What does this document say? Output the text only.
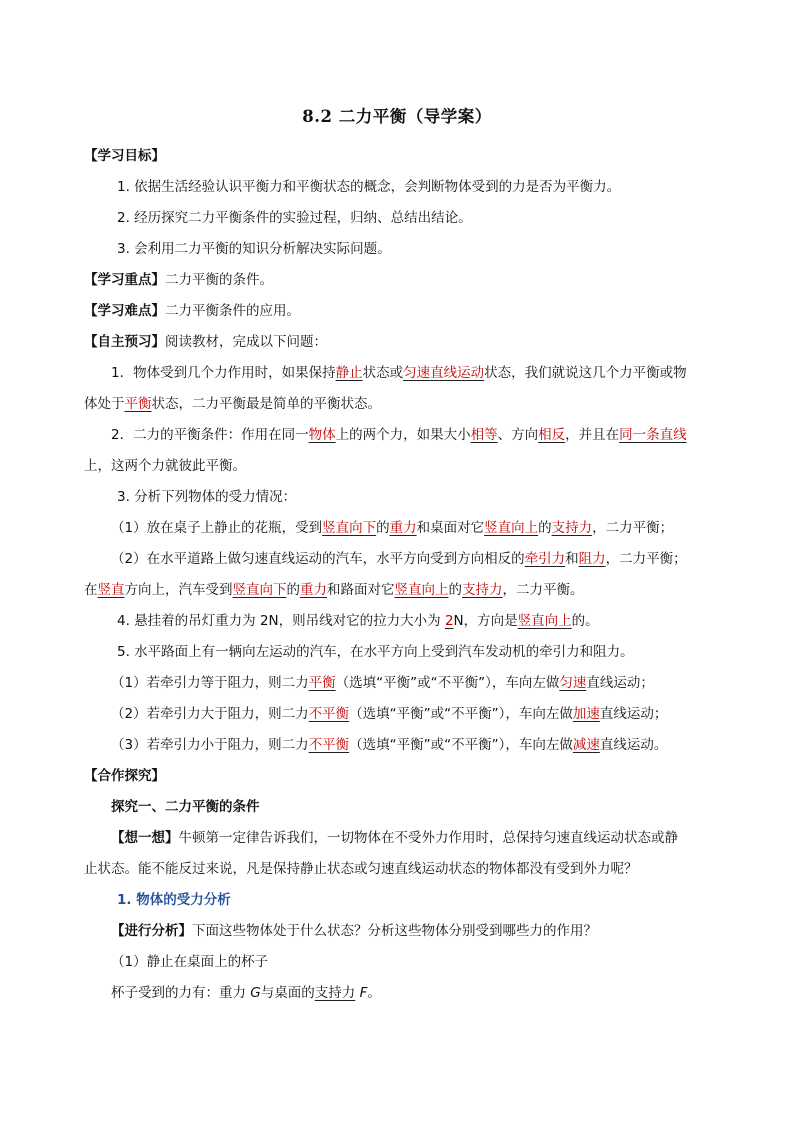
8.2 二力平衡（导学案）
【学习目标】
1. 依据生活经验认识平衡力和平衡状态的概念，会判断物体受到的力是否为平衡力。
2. 经历探究二力平衡条件的实验过程，归纳、总结出结论。
3. 会利用二力平衡的知识分析解决实际问题。
【学习重点】二力平衡的条件。
【学习难点】二力平衡条件的应用。
【自主预习】阅读教材，完成以下问题：
1．物体受到几个力作用时，如果保持静止状态或匀速直线运动状态，我们就说这几个力平衡或物
体处于平衡状态，二力平衡最是简单的平衡状态。
2．二力的平衡条件：作用在同一物体上的两个力，如果大小相等、方向相反，并且在同一条直线
上，这两个力就彼此平衡。
3. 分析下列物体的受力情况：
（1）放在桌子上静止的花瓶，受到竖直向下的重力和桌面对它竖直向上的支持力，二力平衡；
（2）在水平道路上做匀速直线运动的汽车，水平方向受到方向相反的牵引力和阻力，二力平衡；
在竖直方向上，汽车受到竖直向下的重力和路面对它竖直向上的支持力，二力平衡。
4. 悬挂着的吊灯重力为 2N，则吊线对它的拉力大小为 2N，方向是竖直向上的。
5. 水平路面上有一辆向左运动的汽车，在水平方向上受到汽车发动机的牵引力和阻力。
（1）若牵引力等于阻力，则二力平衡（选填“平衡”或“不平衡”），车向左做匀速直线运动；
（2）若牵引力大于阻力，则二力不平衡（选填“平衡”或“不平衡”），车向左做加速直线运动；
（3）若牵引力小于阻力，则二力不平衡（选填“平衡”或“不平衡”），车向左做减速直线运动。
【合作探究】
探究一、二力平衡的条件
【想一想】牛顿第一定律告诉我们，一切物体在不受外力作用时，总保持匀速直线运动状态或静
止状态。能不能反过来说，凡是保持静止状态或匀速直线运动状态的物体都没有受到外力呢？
1. 物体的受力分析
【进行分析】下面这些物体处于什么状态？分析这些物体分别受到哪些力的作用？
（1）静止在桌面上的杯子
杯子受到的力有：重力 G与桌面的支持力 F。
